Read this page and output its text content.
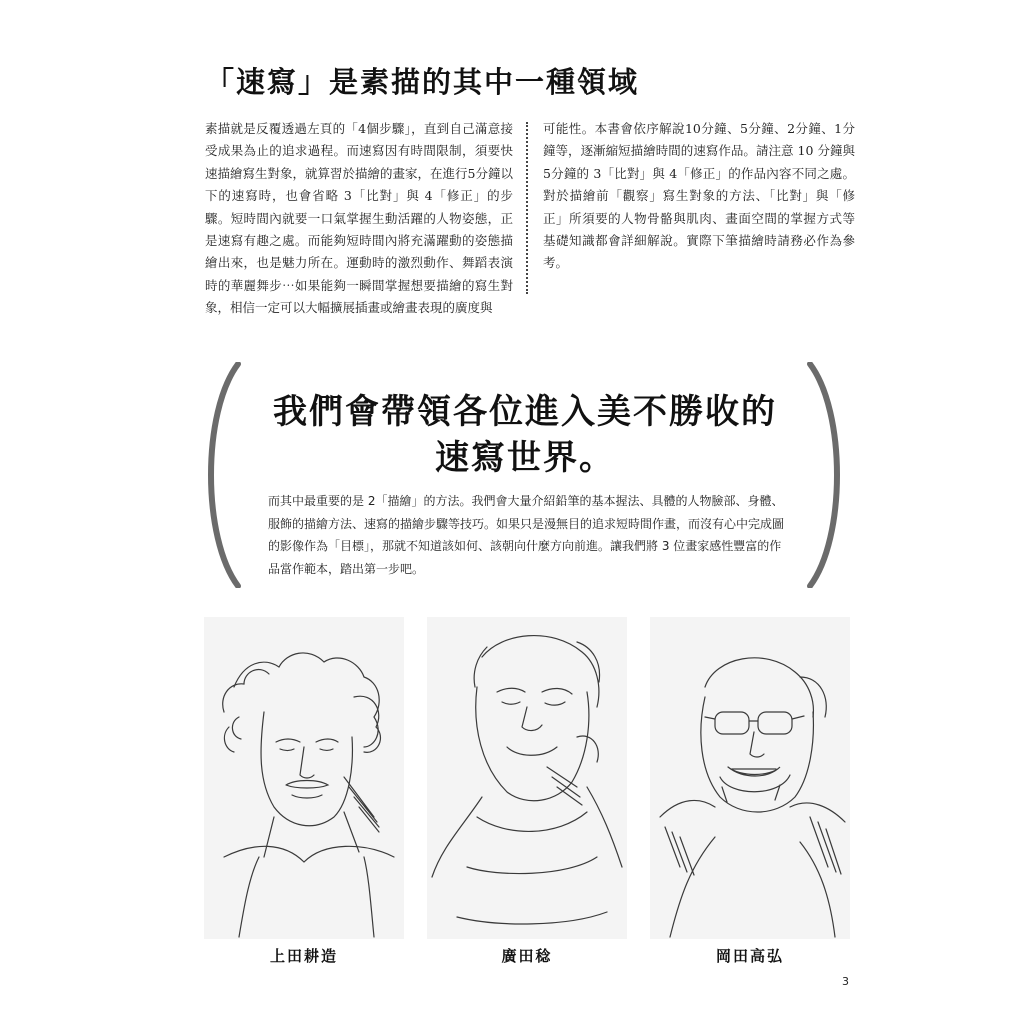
「速寫」是素描的其中一種領域

素描就是反覆透過左頁的「4個步驟」，直到自己滿意接受成果為止的追求過程。而速寫因有時間限制，須要快速描繪寫生對象，就算習於描繪的畫家，在進行5分鐘以下的速寫時，也會省略 3「比對」與 4「修正」的步驟。短時間內就要一口氣掌握生動活躍的人物姿態，正是速寫有趣之處。而能夠短時間內將充滿躍動的姿態描繪出來，也是魅力所在。運動時的激烈動作、舞蹈表演時的華麗舞步⋯如果能夠一瞬間掌握想要描繪的寫生對象，相信一定可以大幅擴展插畫或繪畫表現的廣度與

可能性。本書會依序解說10分鐘、5分鐘、2分鐘、1分鐘等，逐漸縮短描繪時間的速寫作品。請注意 10 分鐘與5分鐘的 3「比對」與 4「修正」的作品內容不同之處。對於描繪前「觀察」寫生對象的方法、「比對」與「修正」所須要的人物骨骼與肌肉、畫面空間的掌握方式等基礎知識都會詳細解說。實際下筆描繪時請務必作為參考。

我們會帶領各位進入美不勝收的
速寫世界。

而其中最重要的是 2「描繪」的方法。我們會大量介紹鉛筆的基本握法、具體的人物臉部、身體、服飾的描繪方法、速寫的描繪步驟等技巧。如果只是漫無目的追求短時間作畫，而沒有心中完成圖的影像作為「目標」，那就不知道該如何、該朝向什麼方向前進。讓我們將 3 位畫家感性豐富的作品當作範本，踏出第一步吧。

上田耕造	廣田稔	岡田高弘
3
